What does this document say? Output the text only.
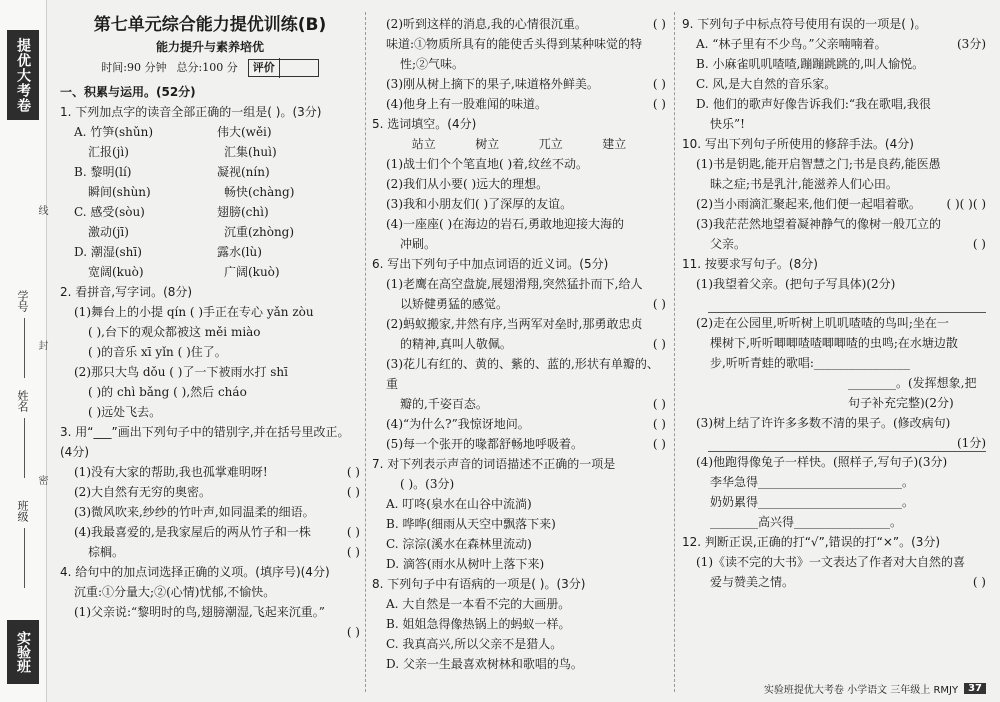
提优大考卷
学号
姓名
班级
线
封
密
实验班
第七单元综合能力提优训练(B)
能力提升与素养培优
时间:90 分钟 总分:100 分	评价
一、积累与运用。(52分)
1. 下列加点字的读音全部正确的一组是( )。(3分)
A. 竹笋(shǔn)	伟大(wěi)
汇报(jì)	汇集(huì)
B. 黎明(lí)	凝视(nín)
瞬间(shùn)	畅快(chàng)
C. 感受(sòu)	翅膀(chì)
激动(jī)	沉重(zhòng)
D. 潮湿(shī)	露水(lù)
宽阔(kuò)	广阔(kuò)
2. 看拼音,写字词。(8分)
(1)舞台上的小提 qín ( )手正在专心 yǎn zòu
( ),台下的观众都被这 měi miào
( )的音乐 xī yǐn ( )住了。
(2)那只大鸟 dǒu ( )了一下被雨水打 shī
( )的 chì bǎng ( ),然后 cháo
( )远处飞去。
3. 用“___”画出下列句子中的错别字,并在括号里改正。(4分)
( )
(1)没有大家的帮助,我也孤掌难明呀!
( )
(2)大自然有无穷的奥密。
(3)微风吹来,纱纱的竹叶声,如同温柔的细语。
( )
(4)我最喜爱的,是我家屋后的两从竹子和一株
( )
棕榈。
4. 给句中的加点词选择正确的义项。(填序号)(4分)
沉重:①分量大;②(心情)忧郁,不愉快。
(1)父亲说:“黎明时的鸟,翅膀潮湿,飞起来沉重。”
( )
( )
(2)听到这样的消息,我的心情很沉重。
味道:①物质所具有的能使舌头得到某种味觉的特
性;②气味。
( )
(3)刚从树上摘下的果子,味道格外鲜美。
( )
(4)他身上有一股难闻的味道。
5. 选词填空。(4分)
站立	树立	兀立	建立
(1)战士们个个笔直地( )着,纹丝不动。
(2)我们从小要( )远大的理想。
(3)我和小朋友们( )了深厚的友谊。
(4)一座座( )在海边的岩石,勇敢地迎接大海的
冲刷。
6. 写出下列句子中加点词语的近义词。(5分)
(1)老鹰在高空盘旋,展翅滑翔,突然猛扑而下,给人
( )
以矫健勇猛的感觉。
(2)蚂蚁搬家,井然有序,当两军对垒时,那勇敢忠贞
( )
的精神,真叫人敬佩。
(3)花儿有红的、黄的、紫的、蓝的,形状有单瓣的、重
( )
瓣的,千姿百态。
( )
(4)“为什么?”我惊讶地问。
( )
(5)每一个张开的喙都舒畅地呼吸着。
7. 对下列表示声音的词语描述不正确的一项是
( )。(3分)
A. 叮咚(泉水在山谷中流淌)
B. 哗哗(细雨从天空中飘落下来)
C. 淙淙(溪水在森林里流动)
D. 滴答(雨水从树叶上落下来)
8. 下列句子中有语病的一项是( )。(3分)
A. 大自然是一本看不完的大画册。
B. 姐姐急得像热锅上的蚂蚁一样。
C. 我真高兴,所以父亲不是猎人。
D. 父亲一生最喜欢树林和歌唱的鸟。
9. 下列句子中标点符号使用有误的一项是( )。
(3分)
A. “林子里有不少鸟。”父亲喃喃着。
B. 小麻雀叽叽喳喳,蹦蹦跳跳的,叫人愉悦。
C. 风,是大自然的音乐家。
D. 他们的歌声好像告诉我们:“我在歌唱,我很
快乐”!
10. 写出下列句子所使用的修辞手法。(4分)
(1)书是钥匙,能开启智慧之门;书是良药,能医愚
昧之症;书是乳汁,能滋养人们心田。
( )( )
( )
(2)当小雨滴汇聚起来,他们便一起唱着歌。
(3)我茫茫然地望着凝神静气的像树一般兀立的
( )
父亲。
11. 按要求写句子。(8分)
(1)我望着父亲。(把句子写具体)(2分)
(2)走在公园里,听听树上叽叽喳喳的鸟叫;坐在一
棵树下,听听唧唧喳喳唧唧喳的虫鸣;在水塘边散
步,听听青蛙的歌唱:________________
________。(发挥想象,把句子补充完整)(2分)
(3)树上结了许许多多数不清的果子。(修改病句)
(1分)
(4)他跑得像兔子一样快。(照样子,写句子)(3分)
李华急得________________________。
奶奶累得________________________。
________高兴得________________。
12. 判断正误,正确的打“√”,错误的打“×”。(3分)
(1)《读不完的大书》一文表达了作者对大自然的喜
( )
爱与赞美之情。
实验班提优大考卷 小学语文 三年级上 RMJY	37
